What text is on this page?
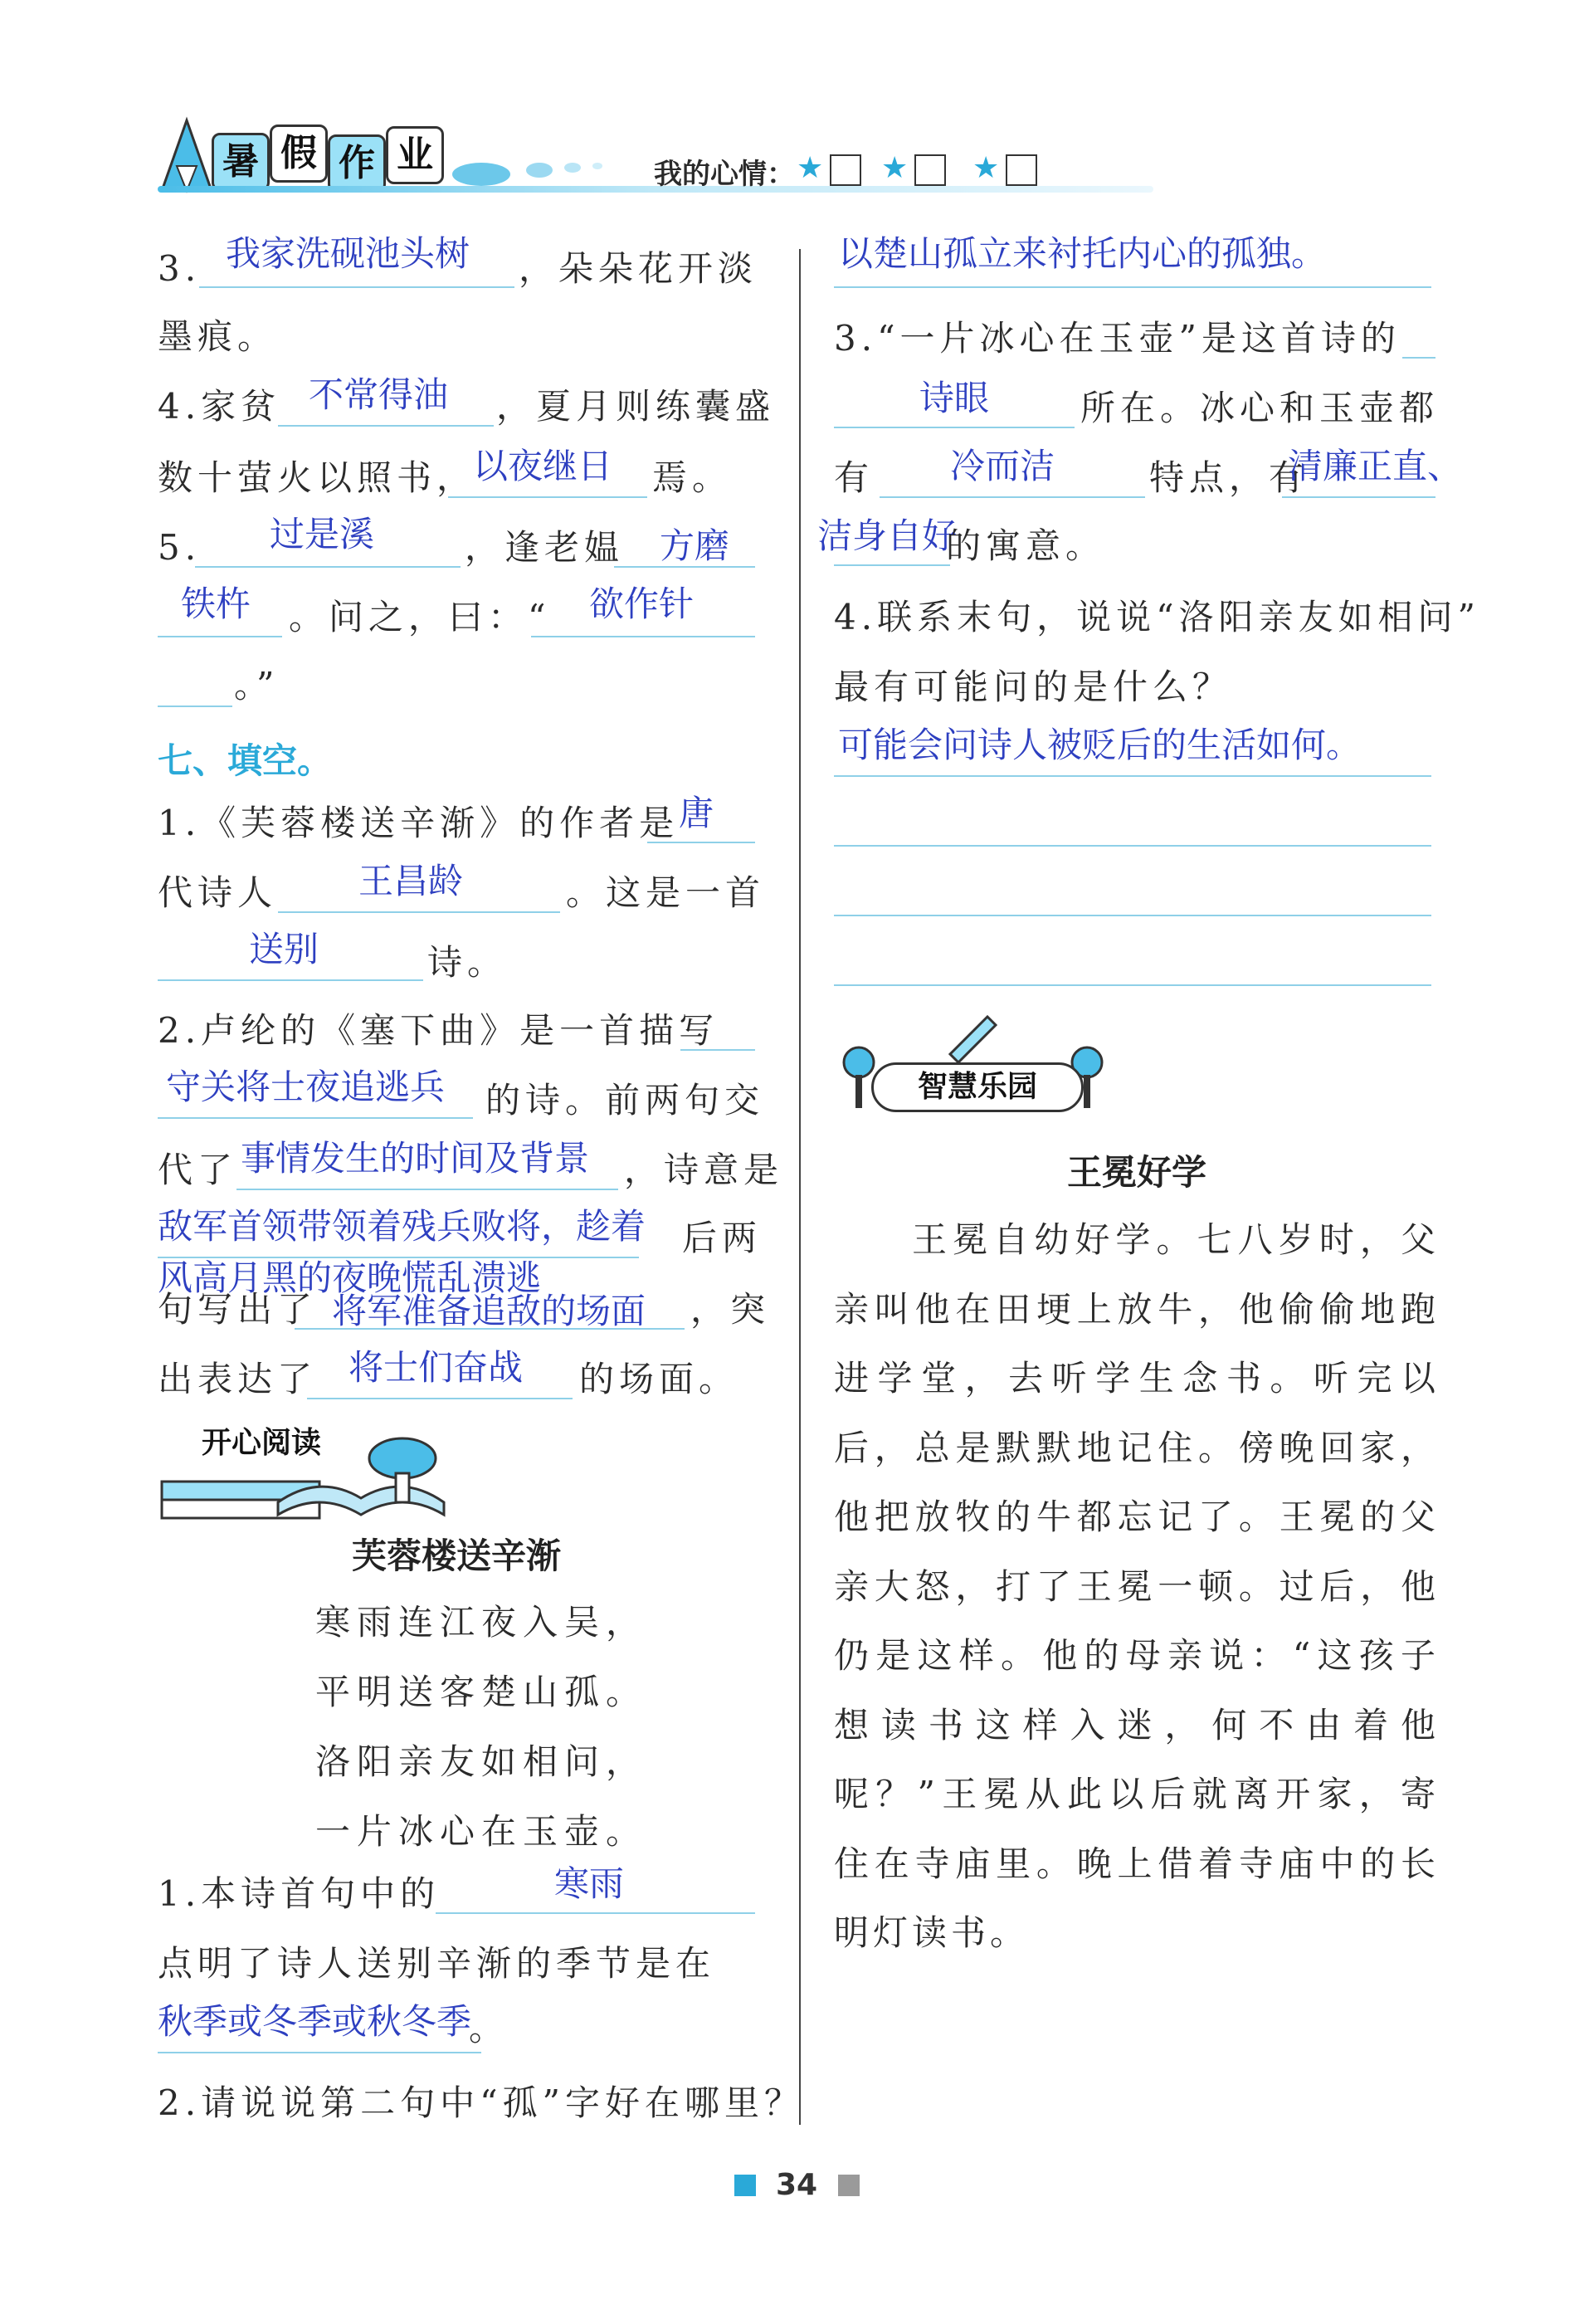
暑 假 作 业	我的心情： ★ ★ ★
3. 我家洗砚池头树 ，朵朵花开淡
墨痕。
4.家贫 不常得油 ，夏月则练囊盛
数十萤火以照书，
以夜继日 焉。
5. 过是溪	，逢老媪 方磨
铁杵 。问之，曰：“ 欲作针
。”
七、填空。
1.《芙蓉楼送辛渐》的作者是 唐
代诗人 王昌龄	。这是一首
送别	诗。
2.卢纶的《塞下曲》是一首描写
守关将士夜追逃兵 的诗。前两句交
代了 事情发生的时间及背景 ，诗意是
敌军首领带领着残兵败将，趁着 后两
风高月黑的夜晚慌乱溃逃
句写出了 将军准备追敌的场面 ，突
出表达了 将士们奋战 的场面。
开心阅读
芙蓉楼送辛渐
寒雨连江夜入吴，
平明送客楚山孤。
洛阳亲友如相问，
一片冰心在玉壶。
1.本诗首句中的	寒雨
点明了诗人送别辛渐的季节是在
秋季或冬季或秋冬季
。
2.请说说第二句中“孤”字好在哪里？
以楚山孤立来衬托内心的孤独。
3.“一片冰心在玉壶”是这首诗的
诗眼	所在。冰心和玉壶都
有 冷而洁	特点，有
清廉正直、
洁身自好
的寓意。
4.联系末句，说说“洛阳亲友如相问”
最有可能问的是什么？
可能会问诗人被贬后的生活如何。
智慧乐园
王冕好学
王冕自幼好学。七八岁时，父亲叫他在田埂上放牛，他偷偷地跑进学堂，去听学生念书。听完以后，总是默默地记住。傍晚回家，他把放牧的牛都忘记了。王冕的父亲大怒，打了王冕一顿。过后，他仍是这样。他的母亲说：“这孩子想读书这样入迷，何不由着他呢？”王冕从此以后就离开家，寄住在寺庙里。晚上借着寺庙中的长明灯读书。
34
